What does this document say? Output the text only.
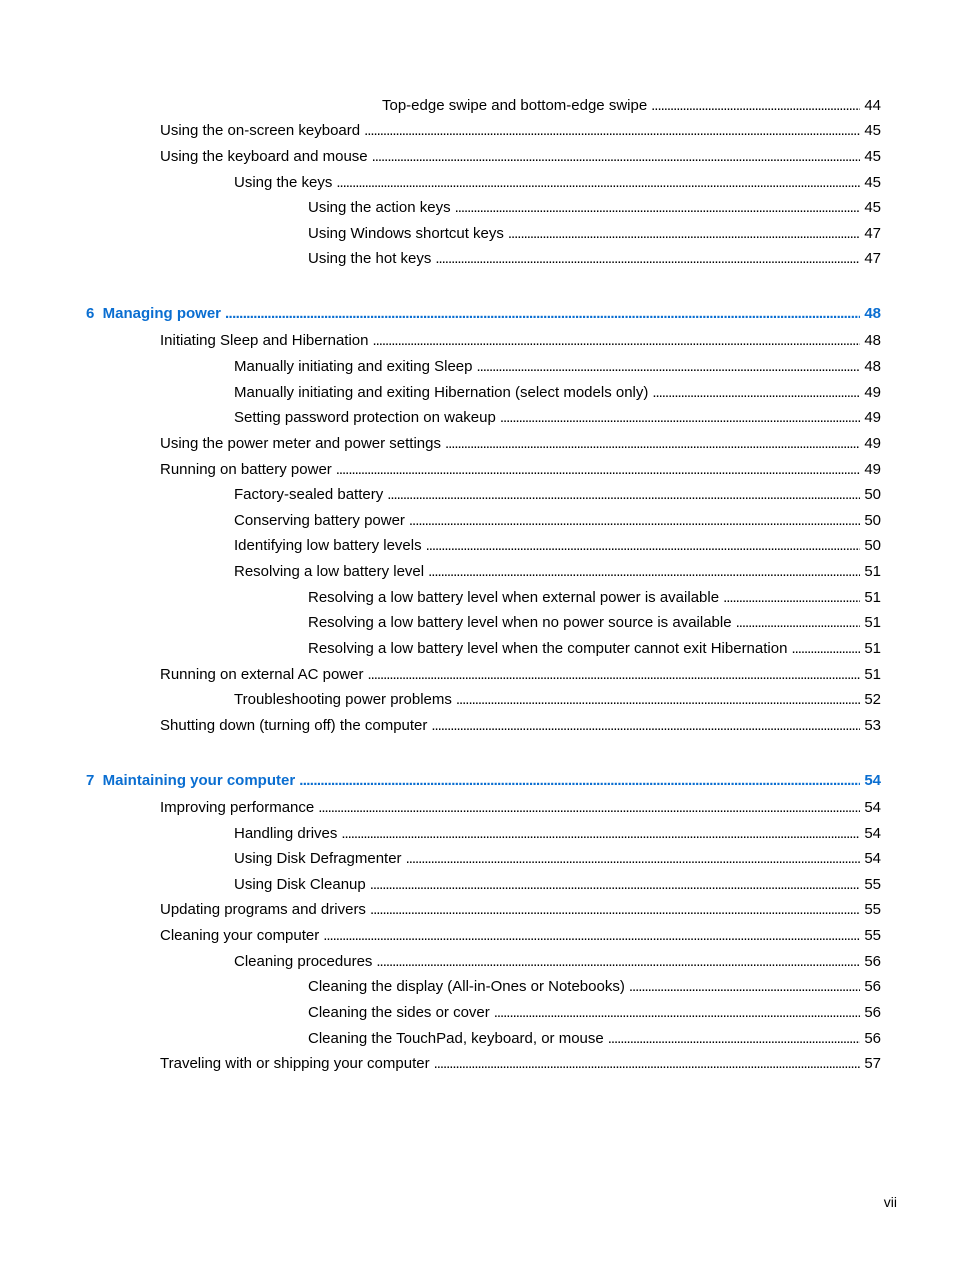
Top-edge swipe and bottom-edge swipe . . .	44
Using the on-screen keyboard . . .	45
Using the keyboard and mouse . . .	45
Using the keys . . .	45
Using the action keys . . .	45
Using Windows shortcut keys . . .	47
Using the hot keys . . .	47
6  Managing power . . .	48
Initiating Sleep and Hibernation . . .	48
Manually initiating and exiting Sleep . . .	48
Manually initiating and exiting Hibernation (select models only) . . .	49
Setting password protection on wakeup . . .	49
Using the power meter and power settings . . .	49
Running on battery power . . .	49
Factory-sealed battery . . .	50
Conserving battery power . . .	50
Identifying low battery levels . . .	50
Resolving a low battery level . . .	51
Resolving a low battery level when external power is available . . .	51
Resolving a low battery level when no power source is available . . .	51
Resolving a low battery level when the computer cannot exit Hibernation . . .	51
Running on external AC power . . .	51
Troubleshooting power problems . . .	52
Shutting down (turning off) the computer . . .	53
7  Maintaining your computer . . .	54
Improving performance . . .	54
Handling drives . . .	54
Using Disk Defragmenter . . .	54
Using Disk Cleanup . . .	55
Updating programs and drivers . . .	55
Cleaning your computer . . .	55
Cleaning procedures . . .	56
Cleaning the display (All-in-Ones or Notebooks) . . .	56
Cleaning the sides or cover . . .	56
Cleaning the TouchPad, keyboard, or mouse . . .	56
Traveling with or shipping your computer . . .	57
vii
